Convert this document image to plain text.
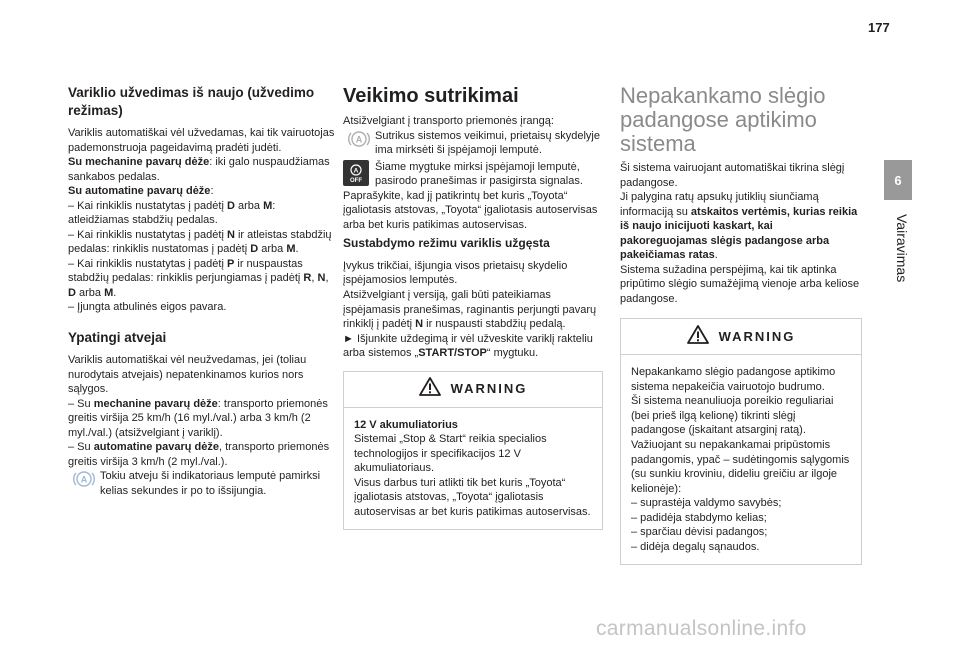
177
6
Vairavimas
Variklio užvedimas iš naujo (užvedimo režimas)

Variklis automatiškai vėl užvedamas, kai tik vairuotojas pademonstruoja pageidavimą pradėti judėti.

Su mechanine pavarų dėže: iki galo nuspaudžiamas sankabos pedalas.

Su automatine pavarų dėže:

– Kai rinkiklis nustatytas į padėtį D arba M: atleidžiamas stabdžių pedalas.

– Kai rinkiklis nustatytas į padėtį N ir atleistas stabdžių pedalas: rinkiklis nustatomas į padėtį D arba M.

– Kai rinkiklis nustatytas į padėtį P ir nuspaustas stabdžių pedalas: rinkiklis perjungiamas į padėtį R, N, D arba M.

– Įjungta atbulinės eigos pavara.

Ypatingi atvejai

Variklis automatiškai vėl neužvedamas, jei (toliau nurodytais atvejais) nepatenkinamos kurios nors sąlygos.

– Su mechanine pavarų dėže: transporto priemonės greitis viršija 25 km/h (16 myl./val.) arba 3 km/h (2 myl./val.) (atsižvelgiant į variklį).

– Su automatine pavarų dėže, transporto priemonės greitis viršija 3 km/h (2 myl./val.).

A Tokiu atveju ši indikatoriaus lemputė pamirksi kelias sekundes ir po to išsijungia.

Veikimo sutrikimai

Atsižvelgiant į transporto priemonės įrangą:

A Sutrikus sistemos veikimui, prietaisų skydelyje ima mirksėti ši įspėjamoji lemputė.

A
OFF

Šiame mygtuke mirksi įspėjamoji lemputė, pasirodo pranešimas ir pasigirsta signalas.

Paprašykite, kad jį patikrintų bet kuris „Toyota“ įgaliotasis atstovas, „Toyota“ įgaliotasis autoservisas arba bet kuris patikimas autoservisas.

Sustabdymo režimu variklis užgęsta

Įvykus trikčiai, išjungia visos prietaisų skydelio įspėjamosios lemputės.

Atsižvelgiant į versiją, gali būti pateikiamas įspėjamasis pranešimas, raginantis perjungti pavarų rinkiklį į padėtį N ir nuspausti stabdžių pedalą.

► Išjunkite uždegimą ir vėl užveskite variklį rakteliu arba sistemos „START/STOP“ mygtuku.

WARNING

12 V akumuliatorius

Sistemai „Stop & Start“ reikia specialios technologijos ir specifikacijos 12 V akumuliatoriaus.

Visus darbus turi atlikti tik bet kuris „Toyota“ įgaliotasis atstovas, „Toyota“ įgaliotasis autoservisas ar bet kuris patikimas autoservisas.

Nepakankamo slėgio padangose aptikimo sistema

Ši sistema vairuojant automatiškai tikrina slėgį padangose.

Ji palygina ratų apsukų jutiklių siunčiamą informaciją su atskaitos vertėmis, kurias reikia iš naujo inicijuoti kaskart, kai pakoreguojamas slėgis padangose arba pakeičiamas ratas.

Sistema sužadina perspėjimą, kai tik aptinka pripūtimo slėgio sumažėjimą vienoje arba keliose padangose.

WARNING

Nepakankamo slėgio padangose aptikimo sistema nepakeičia vairuotojo budrumo.

Ši sistema neanuliuoja poreikio reguliariai (bei prieš ilgą kelionę) tikrinti slėgį padangose (įskaitant atsarginį ratą).

Važiuojant su nepakankamai pripūstomis padangomis, ypač – sudėtingomis sąlygomis (su sunkiu kroviniu, dideliu greičiu ar ilgoje kelionėje):

– suprastėja valdymo savybės;

– padidėja stabdymo kelias;

– sparčiau dėvisi padangos;

– didėja degalų sąnaudos.

carmanualsonline.info
